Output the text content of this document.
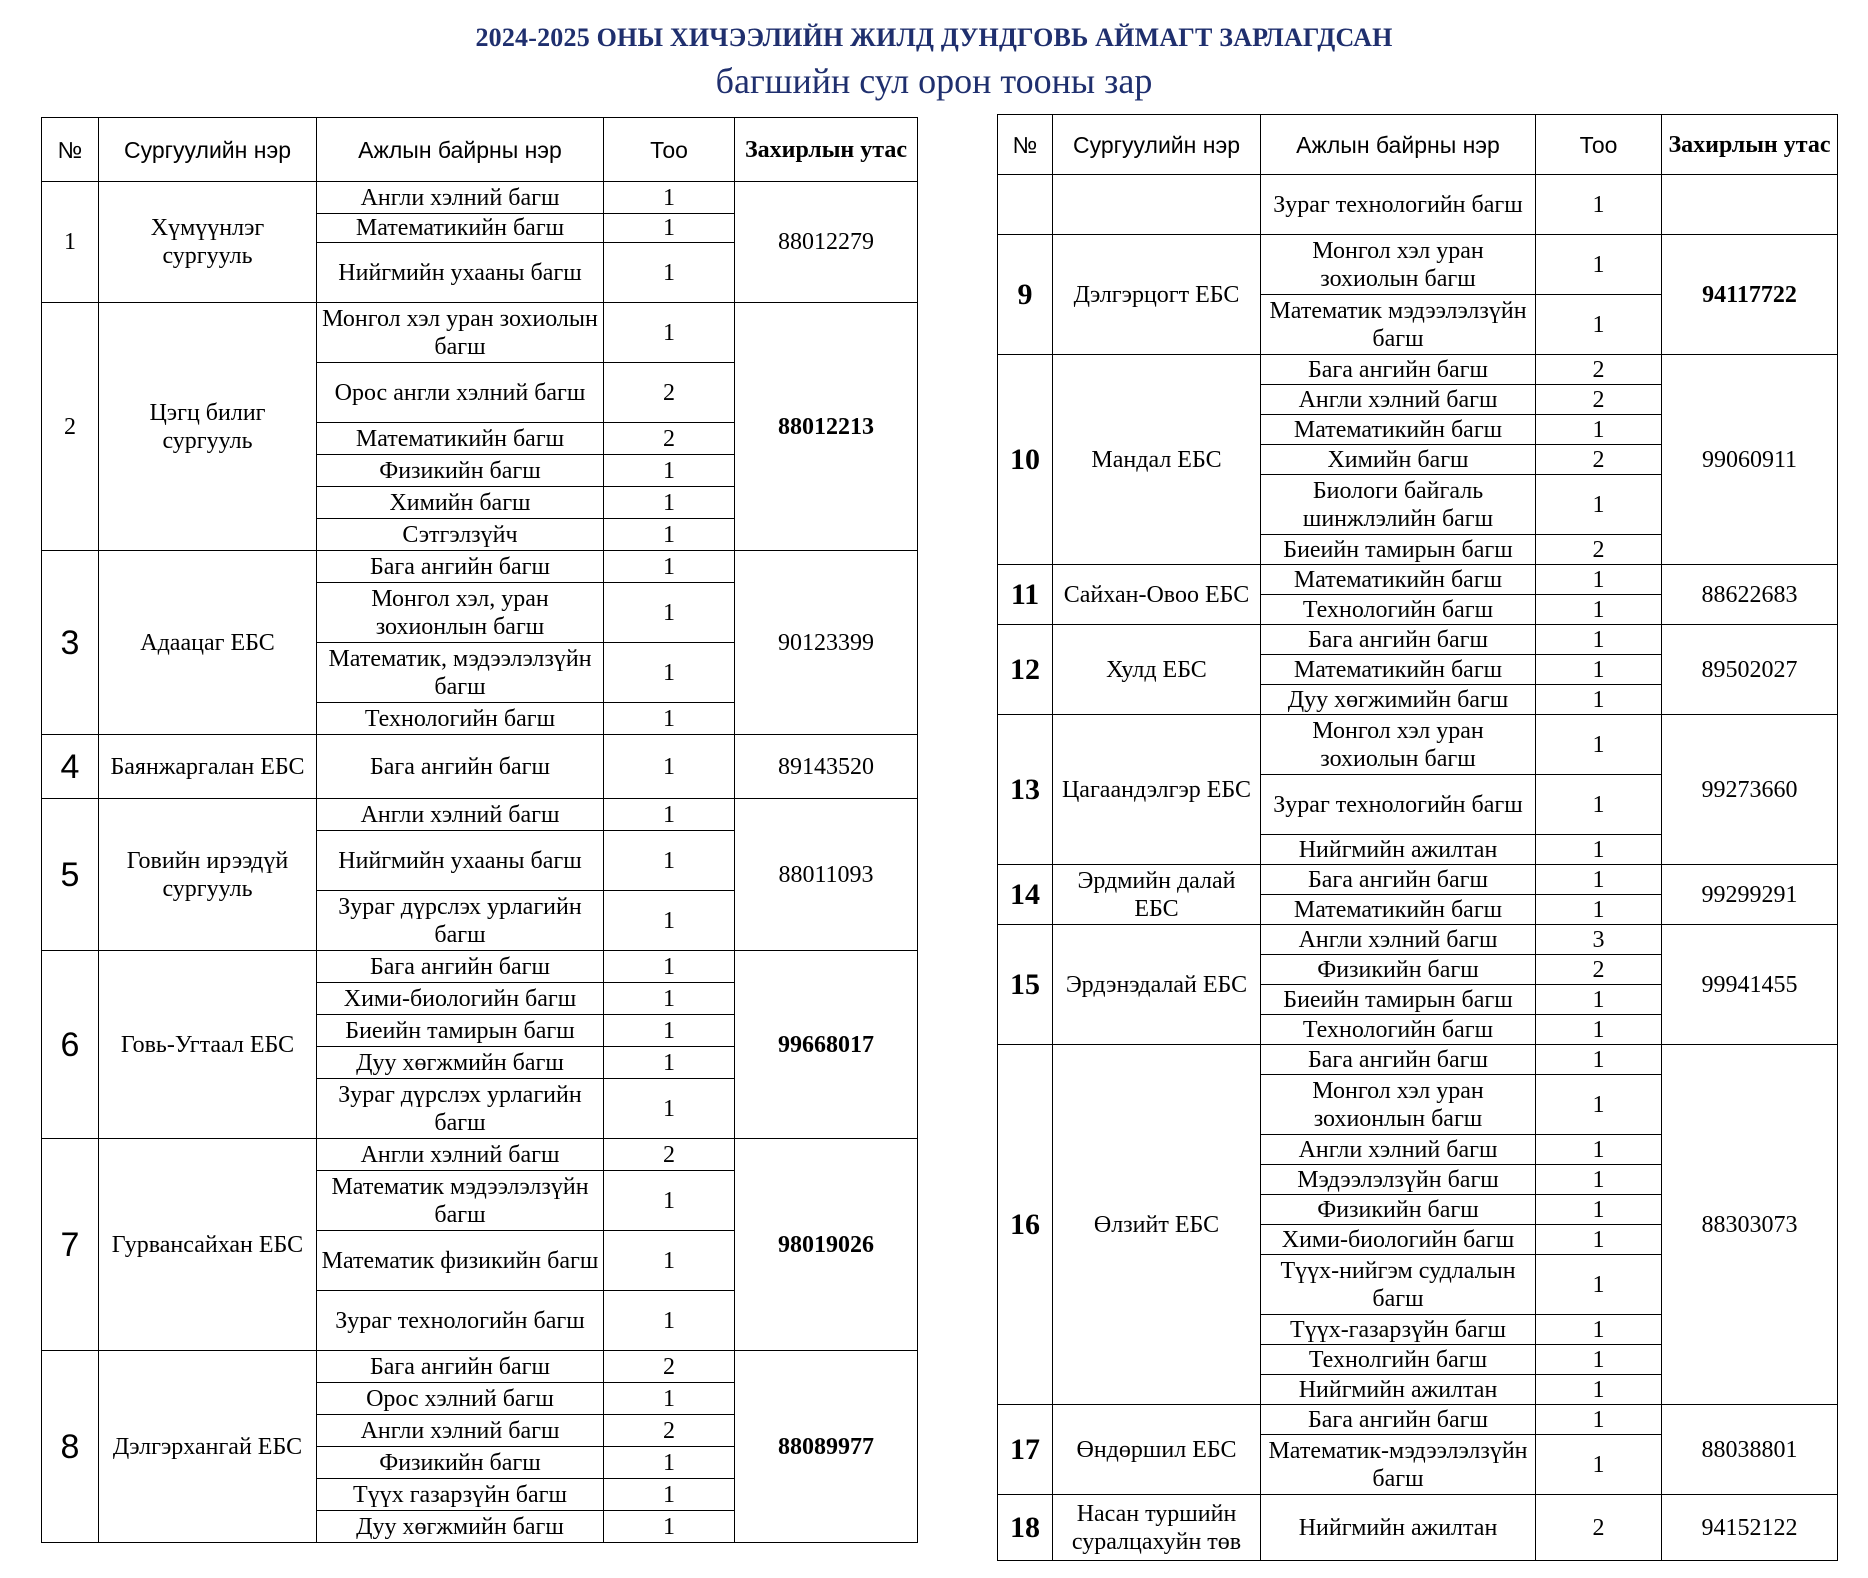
2024-2025 ОНЫ ХИЧЭЭЛИЙН ЖИЛД ДУНДГОВЬ АЙМАГТ ЗАРЛАГДСАН
багшийн сул орон тооны зар
№	Сургуулийн нэр	Ажлын байрны нэр	Тоо	Захирлын утас
1	Хүмүүнлэг сургууль	Англи хэлний багш	1	88012279
		Математикийн багш	1	
		Нийгмийн ухааны багш	1	
2	Цэгц билиг сургууль	Монгол хэл уран зохиолын багш	1	88012213
		Орос англи хэлний багш	2	
		Математикийн багш	2	
		Физикийн багш	1	
		Химийн багш	1	
		Сэтгэлзүйч	1	
3	Адаацаг ЕБС	Бага ангийн багш	1	90123399
		Монгол хэл, уран зохионлын багш	1	
		Математик, мэдээлэлзүйн багш	1	
		Технологийн багш	1	
4	Баянжаргалан ЕБС	Бага ангийн багш	1	89143520
5	Говийн ирээдүй сургууль	Англи хэлний багш	1	88011093
		Нийгмийн ухааны багш	1	
		Зураг дүрслэх урлагийн багш	1	
6	Говь-Угтаал ЕБС	Бага ангийн багш	1	99668017
		Хими-биологийн багш	1	
		Биеийн тамирын багш	1	
		Дуу хөгжмийн багш	1	
		Зураг дүрслэх урлагийн багш	1	
7	Гурвансайхан ЕБС	Англи хэлний багш	2	98019026
		Математик мэдээлэлзүйн багш	1	
		Математик физикийн багш	1	
		Зураг технологийн багш	1	
8	Дэлгэрхангай ЕБС	Бага ангийн багш	2	88089977
		Орос хэлний багш	1	
		Англи хэлний багш	2	
		Физикийн багш	1	
		Түүх газарзүйн багш	1	
		Дуу хөгжмийн багш	1	
№	Сургуулийн нэр	Ажлын байрны нэр	Тоо	Захирлын утас
		Зураг технологийн багш	1	
9	Дэлгэрцогт ЕБС	Монгол хэл уран зохиолын багш	1	94117722
		Математик мэдээлэлзүйн багш	1	
10	Мандал ЕБС	Бага ангийн багш	2	99060911
		Англи хэлний багш	2	
		Математикийн багш	1	
		Химийн багш	2	
		Биологи байгаль шинжлэлийн багш	1	
		Биеийн тамирын багш	2	
11	Сайхан-Овоо ЕБС	Математикийн багш	1	88622683
		Технологийн багш	1	
12	Хулд ЕБС	Бага ангийн багш	1	89502027
		Математикийн багш	1	
		Дуу хөгжимийн багш	1	
13	Цагаандэлгэр ЕБС	Монгол хэл уран зохиолын багш	1	99273660
		Зураг технологийн багш	1	
		Нийгмийн ажилтан	1	
14	Эрдмийн далай ЕБС	Бага ангийн багш	1	99299291
		Математикийн багш	1	
15	Эрдэнэдалай ЕБС	Англи хэлний багш	3	99941455
		Физикийн багш	2	
		Биеийн тамирын багш	1	
		Технологийн багш	1	
16	Өлзийт ЕБС	Бага ангийн багш	1	88303073
		Монгол хэл уран зохионлын багш	1	
		Англи хэлний багш	1	
		Мэдээлэлзүйн багш	1	
		Физикийн багш	1	
		Хими-биологийн багш	1	
		Түүх-нийгэм судлалын багш	1	
		Түүх-газарзүйн багш	1	
		Технолгийн багш	1	
		Нийгмийн ажилтан	1	
17	Өндөршил ЕБС	Бага ангийн багш	1	88038801
		Математик-мэдээлэлзүйн багш	1	
18	Насан туршийн суралцахуйн төв	Нийгмийн ажилтан	2	94152122
